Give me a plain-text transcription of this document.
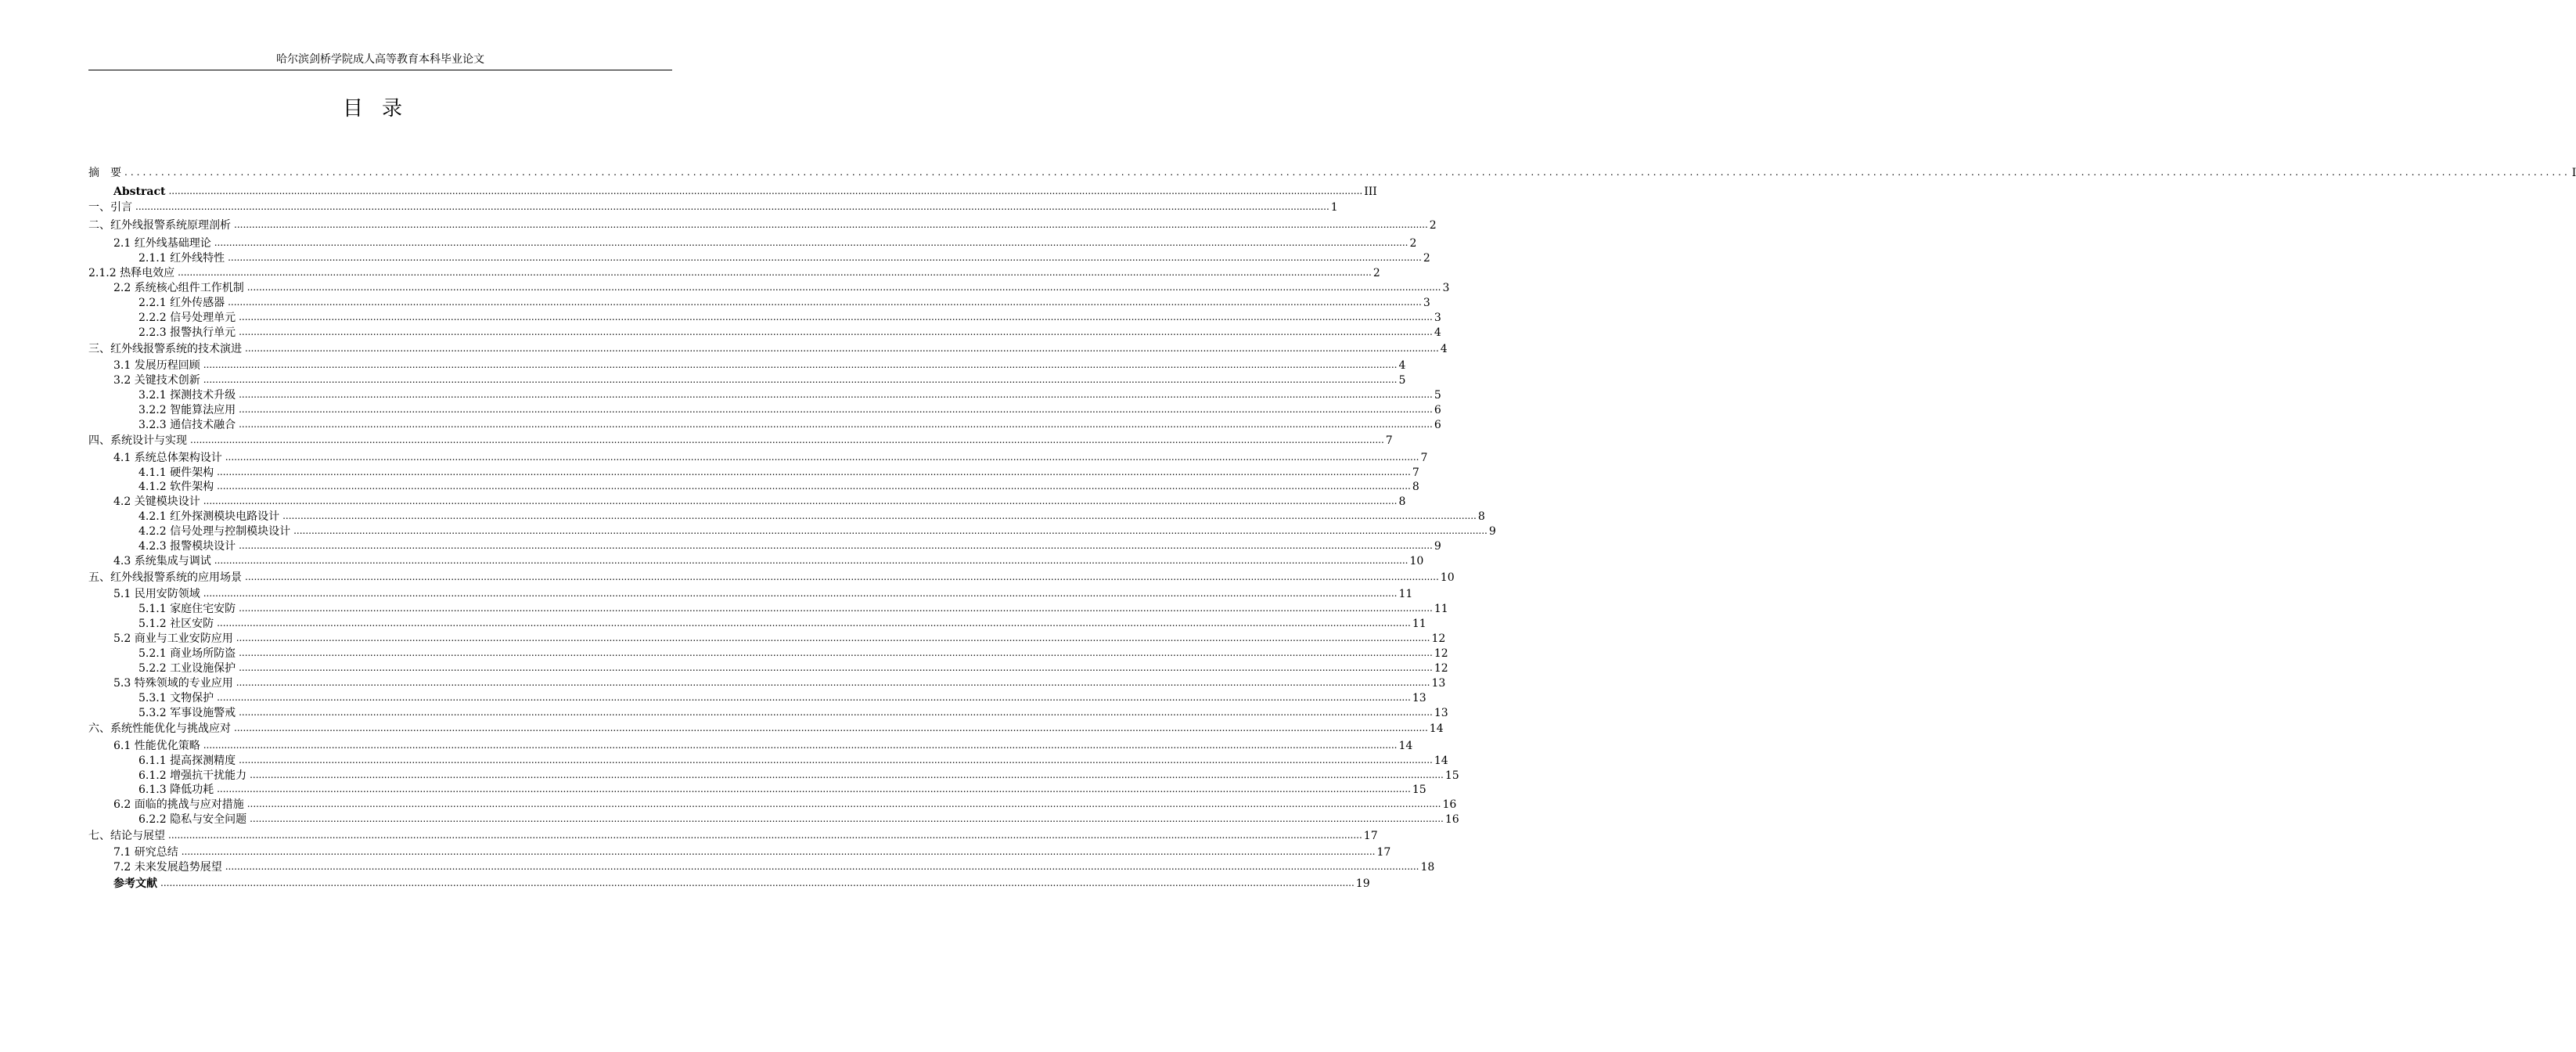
哈尔滨剑桥学院成人高等教育本科毕业论文
目录
摘　要 ................................................................................................................................................................................................................................................................................................................................................................................................................ I
Abstract ................................................................................................................................................................................................................................................................................................................................................................................................................ III
一、引言 ................................................................................................................................................................................................................................................................................................................................................................................................................ 1
二、红外线报警系统原理剖析 ................................................................................................................................................................................................................................................................................................................................................................................................................ 2
2.1 红外线基础理论 ................................................................................................................................................................................................................................................................................................................................................................................................................ 2
2.1.1 红外线特性 ................................................................................................................................................................................................................................................................................................................................................................................................................ 2
2.1.2 热释电效应 ................................................................................................................................................................................................................................................................................................................................................................................................................ 2
2.2 系统核心组件工作机制 ................................................................................................................................................................................................................................................................................................................................................................................................................ 3
2.2.1 红外传感器 ................................................................................................................................................................................................................................................................................................................................................................................................................ 3
2.2.2 信号处理单元 ................................................................................................................................................................................................................................................................................................................................................................................................................ 3
2.2.3 报警执行单元 ................................................................................................................................................................................................................................................................................................................................................................................................................ 4
三、红外线报警系统的技术演进 ................................................................................................................................................................................................................................................................................................................................................................................................................ 4
3.1 发展历程回顾 ................................................................................................................................................................................................................................................................................................................................................................................................................ 4
3.2 关键技术创新 ................................................................................................................................................................................................................................................................................................................................................................................................................ 5
3.2.1 探测技术升级 ................................................................................................................................................................................................................................................................................................................................................................................................................ 5
3.2.2 智能算法应用 ................................................................................................................................................................................................................................................................................................................................................................................................................ 6
3.2.3 通信技术融合 ................................................................................................................................................................................................................................................................................................................................................................................................................ 6
四、系统设计与实现 ................................................................................................................................................................................................................................................................................................................................................................................................................ 7
4.1 系统总体架构设计 ................................................................................................................................................................................................................................................................................................................................................................................................................ 7
4.1.1 硬件架构 ................................................................................................................................................................................................................................................................................................................................................................................................................ 7
4.1.2 软件架构 ................................................................................................................................................................................................................................................................................................................................................................................................................ 8
4.2 关键模块设计 ................................................................................................................................................................................................................................................................................................................................................................................................................ 8
4.2.1 红外探测模块电路设计 ................................................................................................................................................................................................................................................................................................................................................................................................................ 8
4.2.2 信号处理与控制模块设计 ................................................................................................................................................................................................................................................................................................................................................................................................................ 9
4.2.3 报警模块设计 ................................................................................................................................................................................................................................................................................................................................................................................................................ 9
4.3 系统集成与调试 ................................................................................................................................................................................................................................................................................................................................................................................................................ 10
五、红外线报警系统的应用场景 ................................................................................................................................................................................................................................................................................................................................................................................................................ 10
5.1 民用安防领域 ................................................................................................................................................................................................................................................................................................................................................................................................................ 11
5.1.1 家庭住宅安防 ................................................................................................................................................................................................................................................................................................................................................................................................................ 11
5.1.2 社区安防 ................................................................................................................................................................................................................................................................................................................................................................................................................ 11
5.2 商业与工业安防应用 ................................................................................................................................................................................................................................................................................................................................................................................................................ 12
5.2.1 商业场所防盗 ................................................................................................................................................................................................................................................................................................................................................................................................................ 12
5.2.2 工业设施保护 ................................................................................................................................................................................................................................................................................................................................................................................................................ 12
5.3 特殊领域的专业应用 ................................................................................................................................................................................................................................................................................................................................................................................................................ 13
5.3.1 文物保护 ................................................................................................................................................................................................................................................................................................................................................................................................................ 13
5.3.2 军事设施警戒 ................................................................................................................................................................................................................................................................................................................................................................................................................ 13
六、系统性能优化与挑战应对 ................................................................................................................................................................................................................................................................................................................................................................................................................ 14
6.1 性能优化策略 ................................................................................................................................................................................................................................................................................................................................................................................................................ 14
6.1.1 提高探测精度 ................................................................................................................................................................................................................................................................................................................................................................................................................ 14
6.1.2 增强抗干扰能力 ................................................................................................................................................................................................................................................................................................................................................................................................................ 15
6.1.3 降低功耗 ................................................................................................................................................................................................................................................................................................................................................................................................................ 15
6.2 面临的挑战与应对措施 ................................................................................................................................................................................................................................................................................................................................................................................................................ 16
6.2.2 隐私与安全问题 ................................................................................................................................................................................................................................................................................................................................................................................................................ 16
七、结论与展望 ................................................................................................................................................................................................................................................................................................................................................................................................................ 17
7.1 研究总结 ................................................................................................................................................................................................................................................................................................................................................................................................................ 17
7.2 未来发展趋势展望 ................................................................................................................................................................................................................................................................................................................................................................................................................ 18
参考文献 ................................................................................................................................................................................................................................................................................................................................................................................................................ 19
